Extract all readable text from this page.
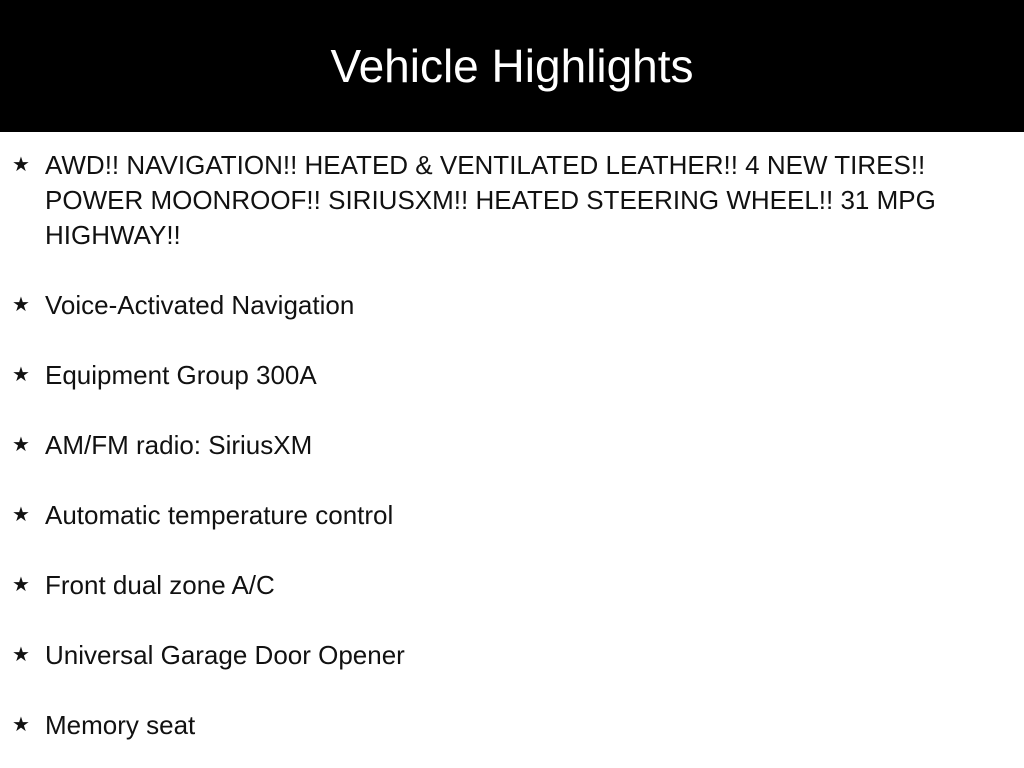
Vehicle Highlights
★ AWD!! NAVIGATION!! HEATED & VENTILATED LEATHER!! 4 NEW TIRES!! POWER MOONROOF!! SIRIUSXM!! HEATED STEERING WHEEL!! 31 MPG HIGHWAY!!
★ Voice-Activated Navigation
★ Equipment Group 300A
★ AM/FM radio: SiriusXM
★ Automatic temperature control
★ Front dual zone A/C
★ Universal Garage Door Opener
★ Memory seat
